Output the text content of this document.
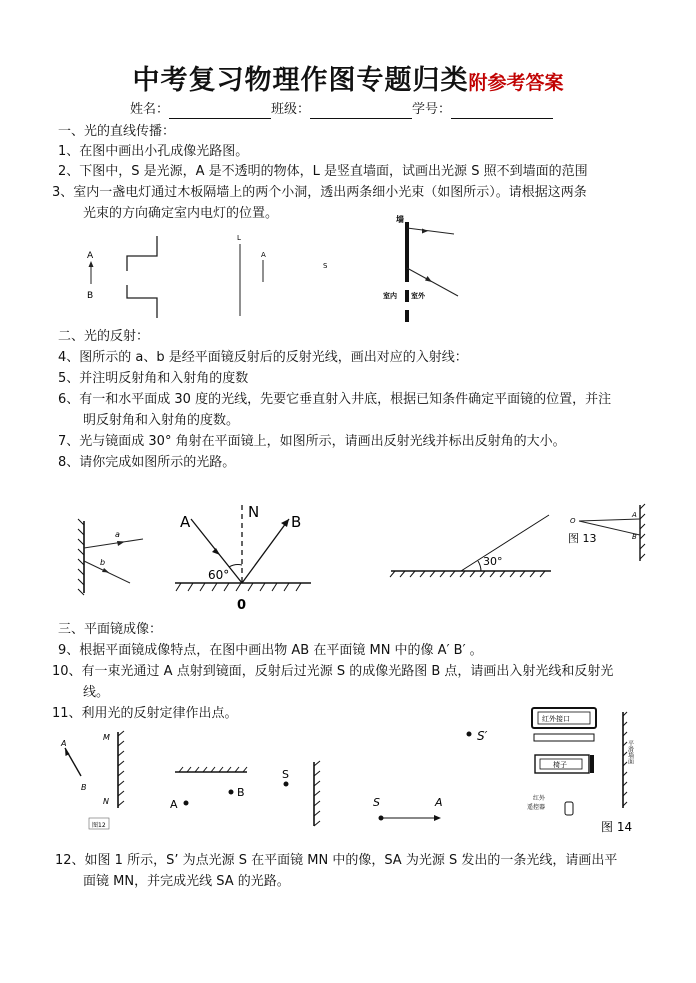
中考复习物理作图专题归类附参考答案
姓名：	班级：	学号：
一、光的直线传播：
1、在图中画出小孔成像光路图。
2、下图中，S 是光源，A 是不透明的物体，L 是竖直墙面，试画出光源 S 照不到墙面的范围
3、室内一盏电灯通过木板隔墙上的两个小洞，透出两条细小光束（如图所示）。请根据这两条
光束的方向确定室内电灯的位置。
A
B
L
A
S
墙
室内 室外
二、光的反射：
4、图所示的 a、b 是经平面镜反射后的反射光线，画出对应的入射线：
5、并注明反射角和入射角的度数
6、有一和水平面成 30 度的光线，先要它垂直射入井底，根据已知条件确定平面镜的位置，并注
明反射角和入射角的度数。
7、光与镜面成 30° 角射在平面镜上，如图所示，请画出反射光线并标出反射角的大小。
8、请你完成如图所示的光路。
a
b
N
A	B
60°
0
30°
图 13
O
A
B
三、平面镜成像：
9、根据平面镜成像特点，在图中画出物 AB 在平面镜 MN 中的像 A′ B′ 。
10、有一束光通过 A 点射到镜面，反射后过光源 S 的成像光路图 B 点，请画出入射光线和反射光
线。
11、利用光的反射定律作出点。
A
B
M
N
图12
A
B
S
S′
S	A
红外接口
椅子
红外
遥控器
平滑墙面
图 14
12、如图 1 所示，S’ 为点光源 S 在平面镜 MN 中的像，SA 为光源 S 发出的一条光线，请画出平
面镜 MN，并完成光线 SA 的光路。
